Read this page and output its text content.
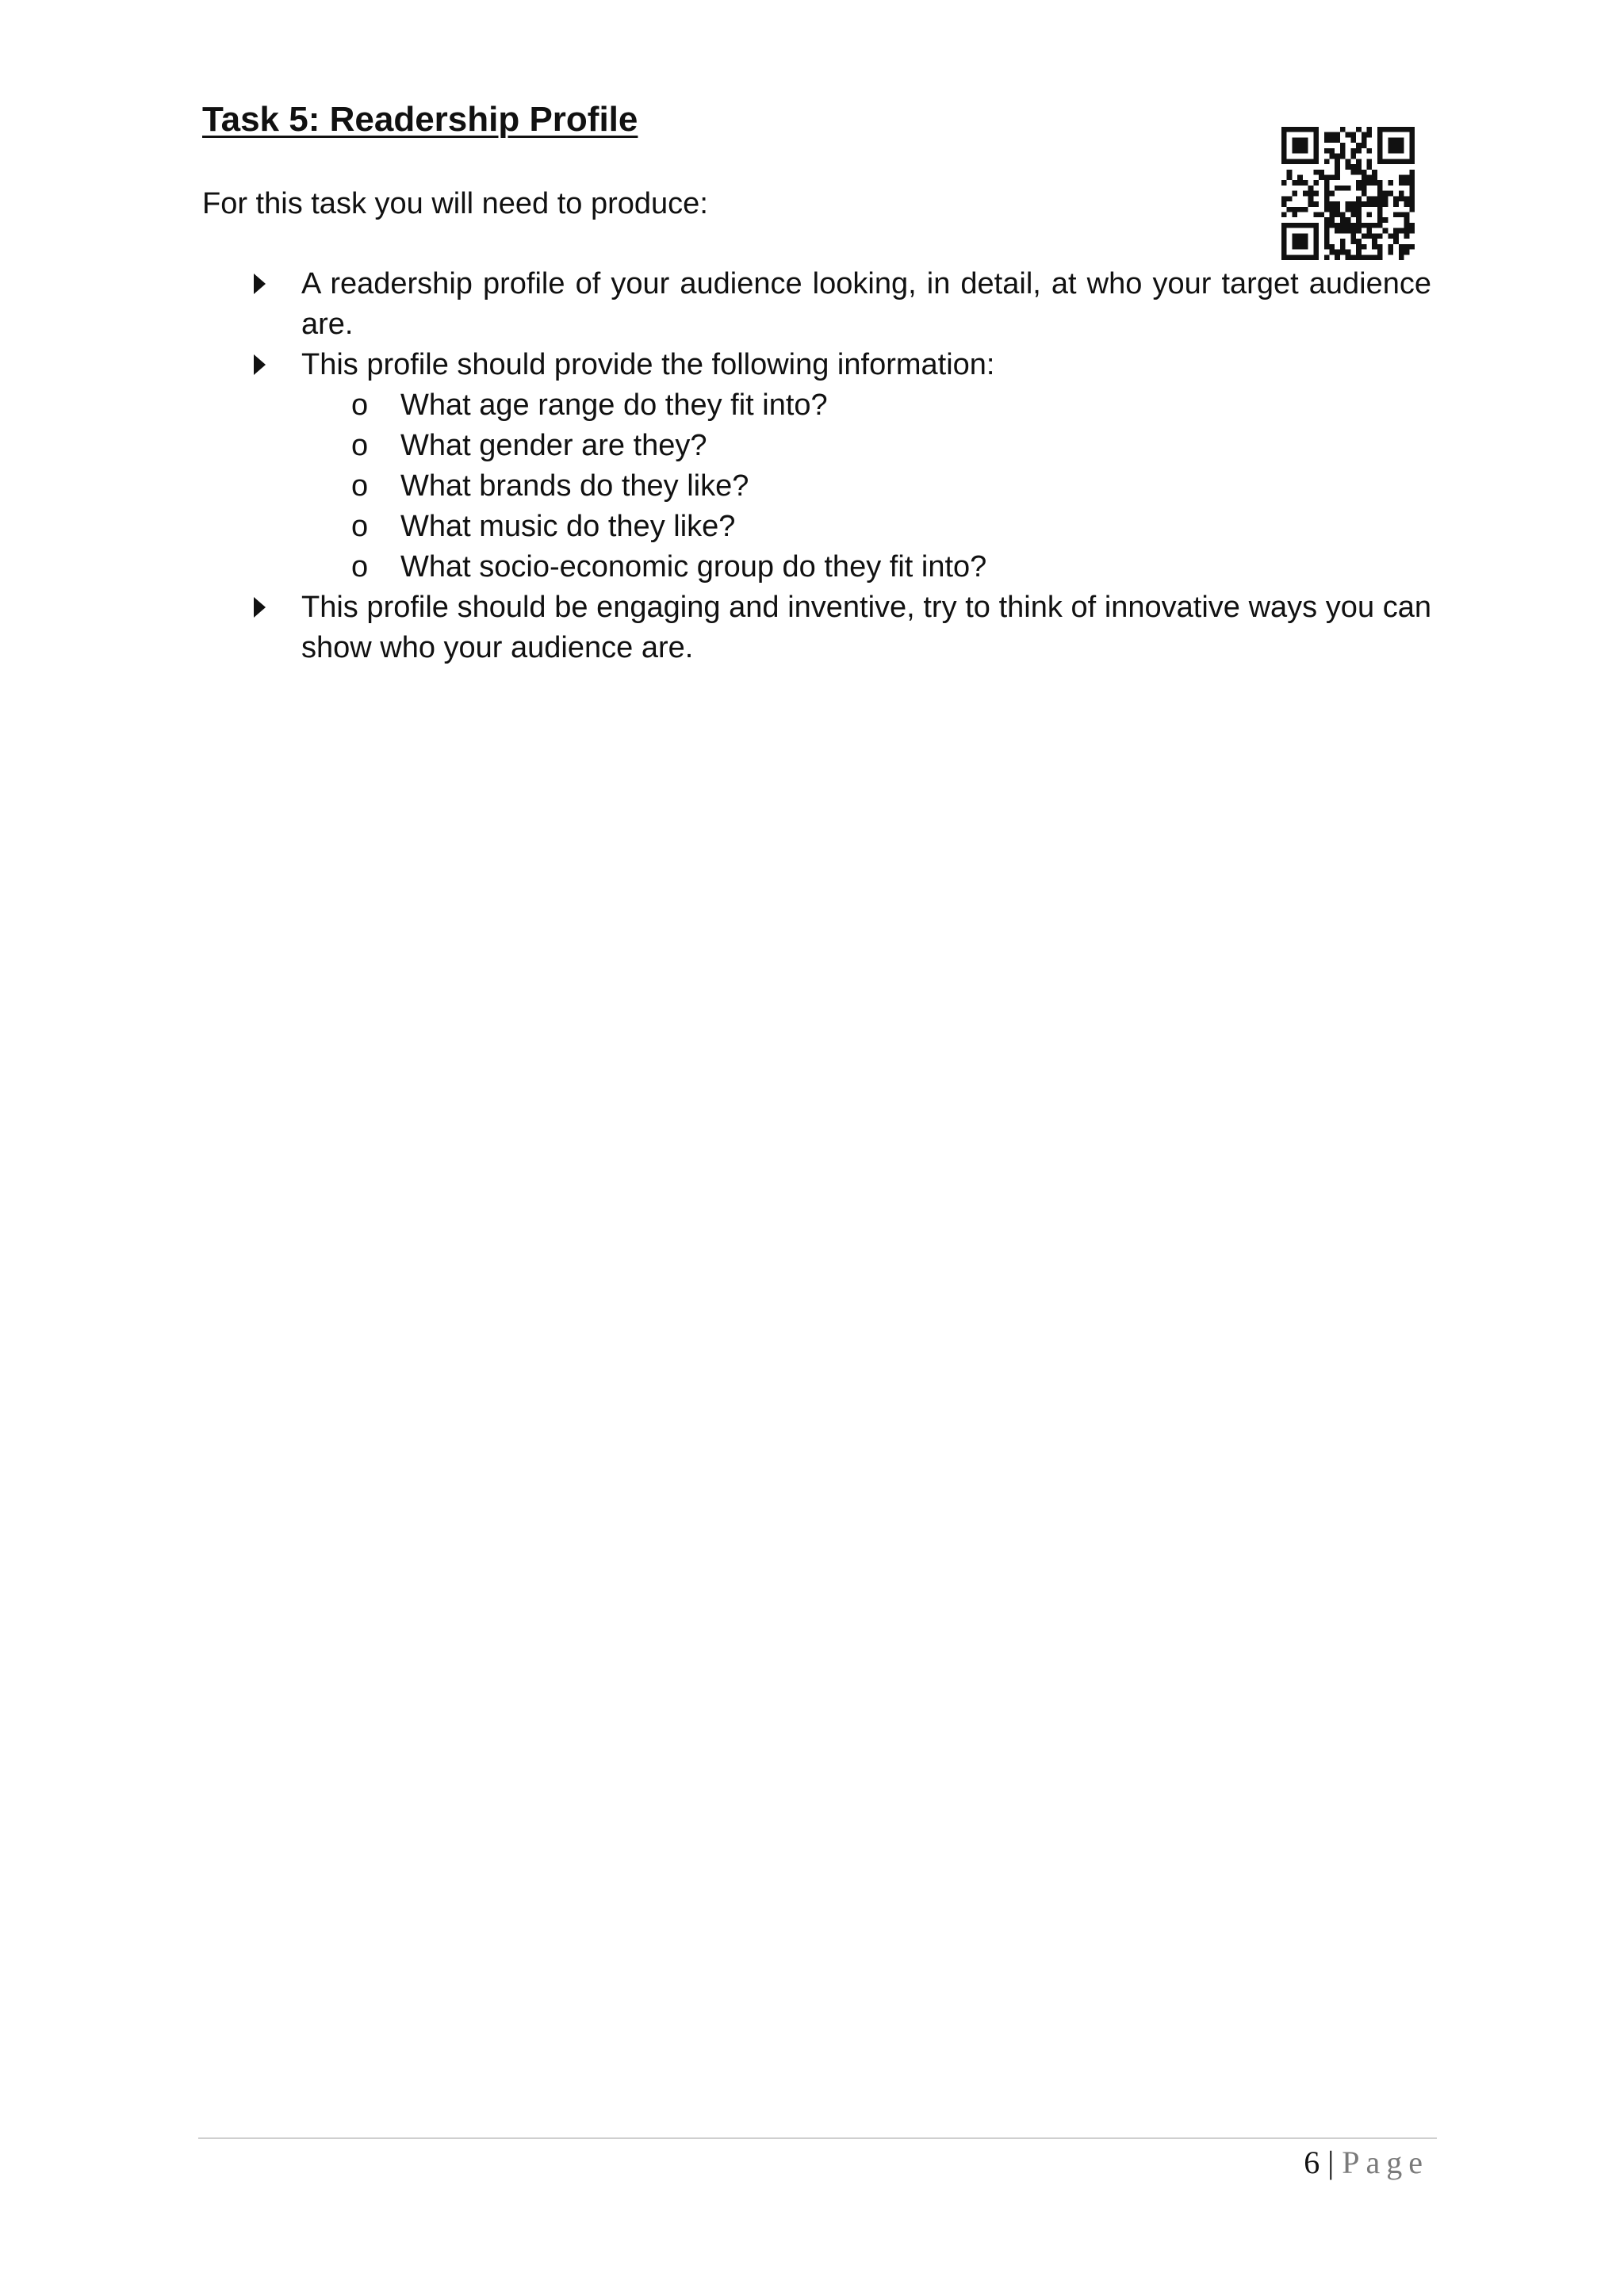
Task 5: Readership Profile

For this task you will need to produce:

A readership profile of your audience looking, in detail, at who your target audience are.
This profile should provide the following information:
o What age range do they fit into?
o What gender are they?
o What brands do they like?
o What music do they like?
o What socio-economic group do they fit into?
This profile should be engaging and inventive, try to think of innovative ways you can show who your audience are.
6 | Page
